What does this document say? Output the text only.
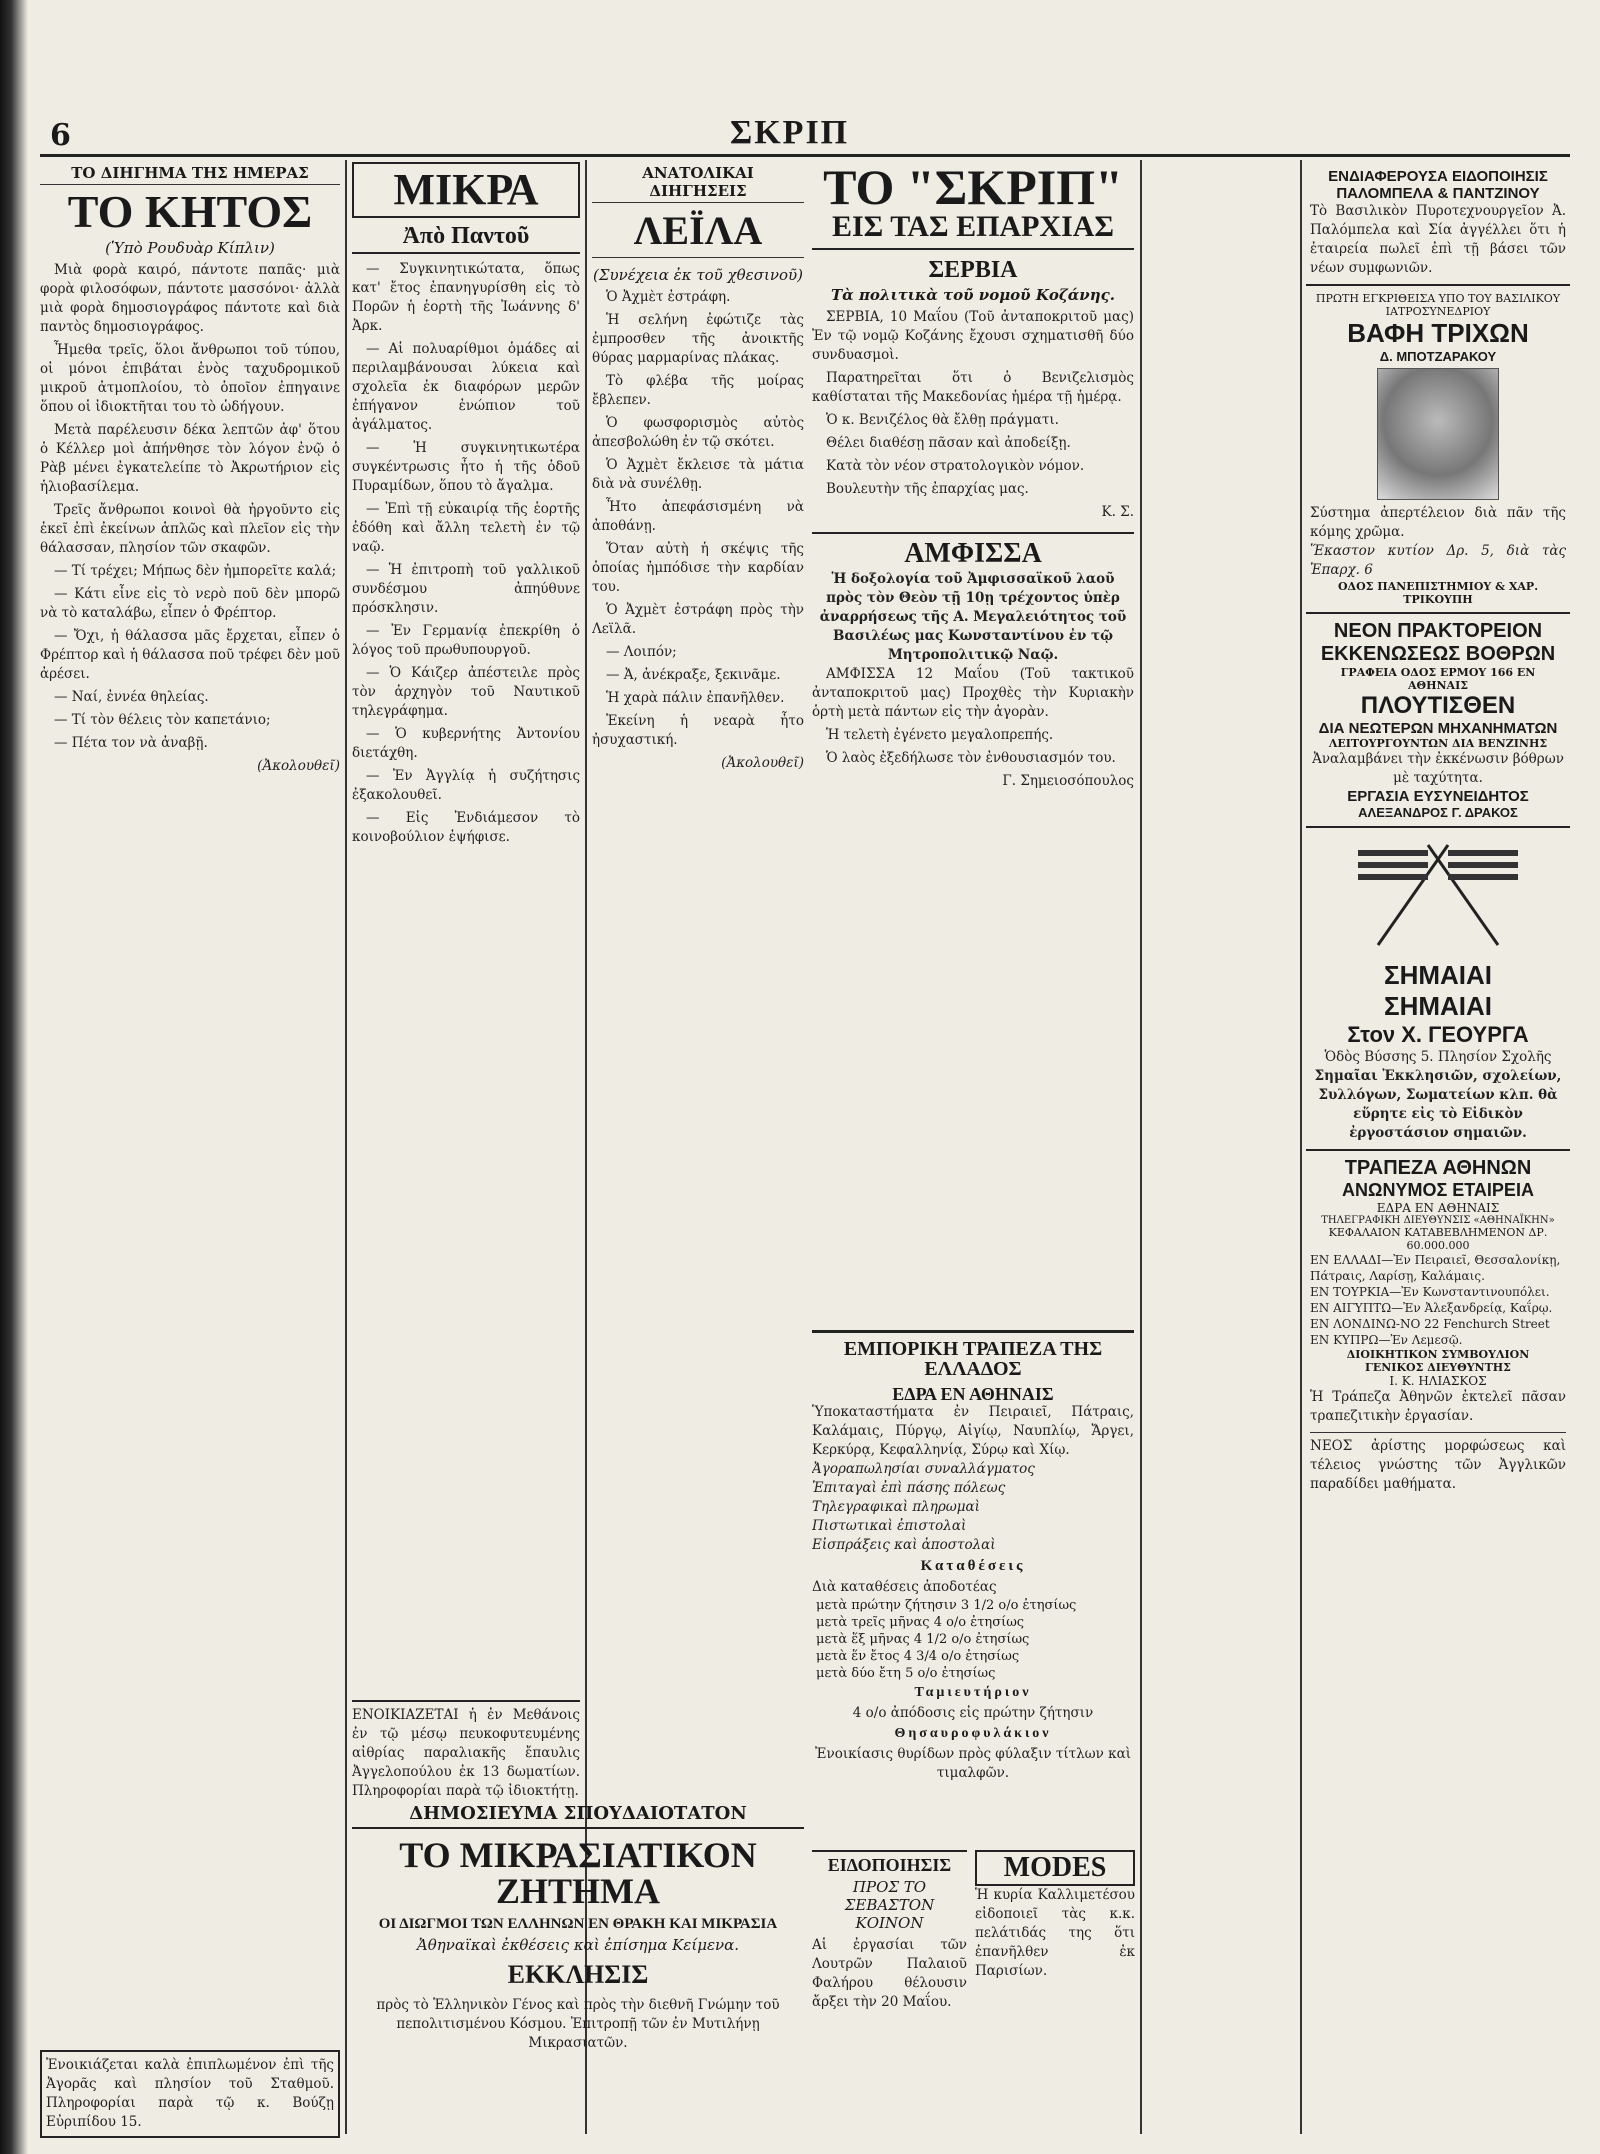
6	ΣΚΡΙΠ
ΤΟ ΔΙΗΓΗΜΑ ΤΗΣ ΗΜΕΡΑΣ
ΤΟ ΚΗΤΟΣ
(Ὑπὸ Ρουδυὰρ Κίπλιν)

Μιὰ φορὰ καιρό, πάντοτε παπᾶς· μιὰ φορὰ φιλοσόφων, πάντοτε μασσόνοι· ἀλλὰ μιὰ φορὰ δημοσιογράφος πάντοτε καὶ διὰ παντὸς δημοσιογράφος.

Ἦμεθα τρεῖς, ὅλοι ἄνθρωποι τοῦ τύπου, οἱ μόνοι ἐπιβάται ἑνὸς ταχυδρομικοῦ μικροῦ ἀτμοπλοίου, τὸ ὁποῖον ἐπηγαινε ὅπου οἱ ἰδιοκτῆται του τὸ ὡδήγουν.

Μετὰ παρέλευσιν δέκα λεπτῶν ἀφ' ὅτου ὁ Κέλλερ μοὶ ἀπήνθησε τὸν λόγον ἐνῷ ὁ Ρὰβ μένει ἐγκατελείπε τὸ Ἀκρωτήριον εἰς ἡλιοβασίλεμα.

Τρεῖς ἄνθρωποι κοινοὶ θὰ ἠργοῦντο εἰς ἐκεῖ ἐπὶ ἐκείνων ἁπλῶς καὶ πλεῖον εἰς τὴν θάλασσαν, πλησίον τῶν σκαφῶν.

— Τί τρέχει; Μήπως δὲν ἠμπορεῖτε καλά;

— Κάτι εἶνε εἰς τὸ νερὸ ποῦ δὲν μπορῶ νὰ τὸ καταλάβω, εἶπεν ὁ Φρέπτορ.

— Ὄχι, ἡ θάλασσα μᾶς ἔρχεται, εἶπεν ὁ Φρέπτορ καὶ ἡ θάλασσα ποῦ τρέφει δὲν μοῦ ἀρέσει.

— Ναί, ἐννέα θηλείας.

— Τί τὸν θέλεις τὸν καπετάνιο;

— Πέτα τον νὰ ἀναβῇ.

(Ἀκολουθεῖ)

Ἐνοικιάζεται καλὰ ἐπιπλωμένον ἐπὶ τῆς Ἀγορᾶς καὶ πλησίον τοῦ Σταθμοῦ. Πληροφορίαι παρὰ τῷ κ. Βούζῃ Εὐριπίδου 15.
ΜΙΚΡΑ
Ἀπὸ Παντοῦ

— Συγκινητικώτατα, ὅπως κατ' ἔτος ἐπανηγυρίσθη εἰς τὸ Πορῶν ἡ ἑορτὴ τῆς Ἰωάννης δ' Ἀρκ.

— Αἱ πολυαρίθμοι ὁμάδες αἱ περιλαμβάνουσαι λύκεια καὶ σχολεῖα ἐκ διαφόρων μερῶν ἐπήγανον ἐνώπιον τοῦ ἀγάλματος.

— Ἡ συγκινητικωτέρα συγκέντρωσις ἦτο ἡ τῆς ὁδοῦ Πυραμίδων, ὅπου τὸ ἄγαλμα.

— Ἐπὶ τῇ εὐκαιρίᾳ τῆς ἑορτῆς ἐδόθη καὶ ἄλλη τελετὴ ἐν τῷ ναῷ.

— Ἡ ἐπιτροπὴ τοῦ γαλλικοῦ συνδέσμου ἀπηύθυνε πρόσκλησιν.

— Ἐν Γερμανίᾳ ἐπεκρίθη ὁ λόγος τοῦ πρωθυπουργοῦ.

— Ὁ Κάιζερ ἀπέστειλε πρὸς τὸν ἀρχηγὸν τοῦ Ναυτικοῦ τηλεγράφημα.

— Ὁ κυβερνήτης Ἀντονίου διετάχθη.

— Ἐν Ἀγγλίᾳ ἡ συζήτησις ἐξακολουθεῖ.

— Εἰς Ἐνδιάμεσον τὸ κοινοβούλιον ἐψήφισε.

ΕΝΟΙΚΙΑΖΕΤΑΙ ἡ ἐν Μεθάνοις ἐν τῷ μέσῳ πευκοφυτευμένης αἰθρίας παραλιακῆς ἔπαυλις Ἀγγελοπούλου ἐκ 13 δωματίων. Πληροφορίαι παρὰ τῷ ἰδιοκτήτῃ.
ΑΝΑΤΟΛΙΚΑΙ ΔΙΗΓΗΣΕΙΣ
ΛΕΪΛΑ
(Συνέχεια ἐκ τοῦ χθεσινοῦ)

Ὁ Ἀχμὲτ ἐστράφη.

Ἡ σελήνη ἐφώτιζε τὰς ἐμπροσθεν τῆς ἀνοικτῆς θύρας μαρμαρίνας πλάκας.

Τὸ φλέβα τῆς μοίρας ἔβλεπεν.

Ὁ φωσφορισμὸς αὐτὸς ἀπεσβολώθη ἐν τῷ σκότει.

Ὁ Ἀχμὲτ ἔκλεισε τὰ μάτια διὰ νὰ συνέλθῃ.

Ἦτο ἀπεφάσισμένη νὰ ἀποθάνῃ.

Ὅταν αὐτὴ ἡ σκέψις τῆς ὁποίας ἠμπόδισε τὴν καρδίαν του.

Ὁ Ἀχμὲτ ἐστράφη πρὸς τὴν Λεϊλᾶ.

— Λοιπόν;

— Ἀ, ἀνέκραξε, ξεκινᾶμε.

Ἡ χαρὰ πάλιν ἐπανῆλθεν.

Ἐκείνη ἡ νεαρὰ ἦτο ἠσυχαστική.

(Ἀκολουθεῖ)

ΔΗΜΟΣΙΕΥΜΑ ΣΠΟΥΔΑΙΟΤΑΤΟΝ
ΤΟ ΜΙΚΡΑΣΙΑΤΙΚΟΝ ΖΗΤΗΜΑ
ΟΙ ΔΙΩΓΜΟΙ ΤΩΝ ΕΛΛΗΝΩΝ ΕΝ ΘΡΑΚΗ ΚΑΙ ΜΙΚΡΑΣΙΑ
Ἀθηναϊκαὶ ἐκθέσεις καὶ ἐπίσημα Κείμενα.
ΕΚΚΛΗΣΙΣ
πρὸς τὸ Ἑλληνικὸν Γένος καὶ πρὸς τὴν διεθνῆ Γνώμην τοῦ πεπολιτισμένου Κόσμου. Ἐπιτροπῇ τῶν ἐν Μυτιλήνῃ Μικρασιατῶν.
ΤΟ "ΣΚΡΙΠ"
ΕΙΣ ΤΑΣ ΕΠΑΡΧΙΑΣ
ΣΕΡΒΙΑ
Τὰ πολιτικὰ τοῦ νομοῦ Κοζάνης.

ΣΕΡΒΙΑ, 10 Μαΐου (Τοῦ ἀνταποκριτοῦ μας) Ἐν τῷ νομῷ Κοζάνης ἔχουσι σχηματισθῆ δύο συνδυασμοὶ.

Παρατηρεῖται ὅτι ὁ Βενιζελισμὸς καθίσταται τῆς Μακεδονίας ἡμέρα τῇ ἡμέρᾳ.

Ὁ κ. Βενιζέλος θὰ ἔλθῃ πράγματι.

Θέλει διαθέσῃ πᾶσαν καὶ ἀποδείξῃ.

Κατὰ τὸν νέον στρατολογικὸν νόμον.

Βουλευτὴν τῆς ἐπαρχίας μας.

Κ. Σ.

ΑΜΦΙΣΣΑ
Ἡ δοξολογία τοῦ Ἀμφισσαϊκοῦ λαοῦ πρὸς τὸν Θεὸν τῇ 10ῃ τρέχοντος ὑπὲρ ἀναρρήσεως τῆς Α. Μεγαλειότητος τοῦ Βασιλέως μας Κωνσταντίνου ἐν τῷ Μητροπολιτικῷ Ναῷ.

ΑΜΦΙΣΣΑ 12 Μαΐου (Τοῦ τακτικοῦ ἀνταποκριτοῦ μας) Προχθὲς τὴν Κυριακὴν ὁρτὴ μετὰ πάντων εἰς τὴν ἀγορὰν.

Ἡ τελετὴ ἐγένετο μεγαλοπρεπής.

Ὁ λαὸς ἐξεδήλωσε τὸν ἐνθουσιασμόν του.

Γ. Σημειοσόπουλος

ΕΜΠΟΡΙΚΗ ΤΡΑΠΕΖΑ ΤΗΣ ΕΛΛΑΔΟΣ
ΕΔΡΑ ΕΝ ΑΘΗΝΑΙΣ
Ὑποκαταστήματα ἐν Πειραιεῖ, Πάτραις, Καλάμαις, Πύργῳ, Αἰγίῳ, Ναυπλίῳ, Ἄργει, Κερκύρᾳ, Κεφαλληνίᾳ, Σύρῳ καὶ Χίῳ.
Ἀγοραπωλησίαι συναλλάγματος
Ἐπιταγαὶ ἐπὶ πάσης πόλεως
Τηλεγραφικαὶ πληρωμαὶ
Πιστωτικαὶ ἐπιστολαὶ
Εἰσπράξεις καὶ ἀποστολαὶ
Καταθέσεις
Διὰ καταθέσεις ἀποδοτέας
μετὰ πρώτην ζήτησιν 3 1/2 ο/ο ἐτησίως
μετὰ τρεῖς μῆνας 4 ο/ο ἐτησίως
μετὰ ἕξ μῆνας 4 1/2 ο/ο ἐτησίως
μετὰ ἕν ἔτος 4 3/4 ο/ο ἐτησίως
μετὰ δύο ἔτη 5 ο/ο ἐτησίως
Ταμιευτήριον
4 ο/ο ἀπόδοσις εἰς πρώτην ζήτησιν
Θησαυροφυλάκιον
Ἐνοικίασις θυρίδων πρὸς φύλαξιν τίτλων καὶ τιμαλφῶν.
ΕΙΔΟΠΟΙΗΣΙΣ
ΠΡΟΣ ΤΟ ΣΕΒΑΣΤΟΝ ΚΟΙΝΟΝ
Αἱ ἐργασίαι τῶν Λουτρῶν Παλαιοῦ Φαλήρου θέλουσιν ἄρξει τὴν 20 Μαΐου.
MODES
Ἡ κυρία Καλλιμετέσου εἰδοποιεῖ τὰς κ.κ. πελάτιδάς της ὅτι ἐπανῆλθεν ἐκ Παρισίων.
ΕΝΔΙΑΦΕΡΟΥΣΑ ΕΙΔΟΠΟΙΗΣΙΣ
ΠΑΛΟΜΠΕΛΑ & ΠΑΝΤΖΙΝΟΥ
Τὸ Βασιλικὸν Πυροτεχνουργεῖον Ἀ. Παλόμπελα καὶ Σία ἀγγέλλει ὅτι ἡ ἐταιρεία πωλεῖ ἐπὶ τῇ βάσει τῶν νέων συμφωνιῶν.
ΠΡΩΤΗ ΕΓΚΡΙΘΕΙΣΑ ΥΠΟ ΤΟΥ ΒΑΣΙΛΙΚΟΥ ΙΑΤΡΟΣΥΝΕΔΡΙΟΥ
ΒΑΦΗ ΤΡΙΧΩΝ
Δ. ΜΠΟΤΖΑΡΑΚΟΥ
Σύστημα ἀπερτέλειον διὰ πᾶν τῆς κόμης χρῶμα.
Ἕκαστον κυτίον Δρ. 5, διὰ τὰς Ἐπαρχ. 6
ΟΔΟΣ ΠΑΝΕΠΙΣΤΗΜΙΟΥ & ΧΑΡ. ΤΡΙΚΟΥΠΗ
ΝΕΟΝ ΠΡΑΚΤΟΡΕΙΟΝ
ΕΚΚΕΝΩΣΕΩΣ ΒΟΘΡΩΝ
ΓΡΑΦΕΙΑ ΟΔΟΣ ΕΡΜΟΥ 166 ΕΝ ΑΘΗΝΑΙΣ
ΠΛΟΥΤΙΣΘΕΝ
ΔΙΑ ΝΕΩΤΕΡΩΝ ΜΗΧΑΝΗΜΑΤΩΝ
ΛΕΙΤΟΥΡΓΟΥΝΤΩΝ ΔΙΑ ΒΕΝΖΙΝΗΣ
Ἀναλαμβάνει τὴν ἐκκένωσιν βόθρων μὲ ταχύτητα.
ΕΡΓΑΣΙΑ ΕΥΣΥΝΕΙΔΗΤΟΣ
ΑΛΕΞΑΝΔΡΟΣ Γ. ΔΡΑΚΟΣ
ΣΗΜΑΙΑΙ
ΣΗΜΑΙΑΙ
Στον Χ. ΓΕΟΥΡΓΑ
Ὁδὸς Βύσσης 5. Πλησίον Σχολῆς
Σημαῖαι Ἐκκλησιῶν, σχολείων, Συλλόγων, Σωματείων κλπ. θὰ εὕρητε εἰς τὸ Εἰδικὸν ἐργοστάσιον σημαιῶν.
ΤΡΑΠΕΖΑ ΑΘΗΝΩΝ
ΑΝΩΝΥΜΟΣ ΕΤΑΙΡΕΙΑ
ΕΔΡΑ ΕΝ ΑΘΗΝΑΙΣ
ΤΗΛΕΓΡΑΦΙΚΗ ΔΙΕΥΘΥΝΣΙΣ «ΑΘΗΝΑΪΚΗΝ»
ΚΕΦΑΛΑΙΟΝ ΚΑΤΑΒΕΒΛΗΜΕΝΟΝ ΔΡ. 60.000.000
ΕΝ ΕΛΛΑΔΙ—Ἐν Πειραιεῖ, Θεσσαλονίκῃ, Πάτραις, Λαρίσῃ, Καλάμαις.
ΕΝ ΤΟΥΡΚΙΑ—Ἐν Κωνσταντινουπόλει.
ΕΝ ΑΙΓΥΠΤΩ—Ἐν Ἀλεξανδρείᾳ, Καΐρῳ.
ΕΝ ΛΟΝΔΙΝΩ-ΝΟ 22 Fenchurch Street
ΕΝ ΚΥΠΡΩ—Ἐν Λεμεσῷ.
ΔΙΟΙΚΗΤΙΚΟΝ ΣΥΜΒΟΥΛΙΟΝ
ΓΕΝΙΚΟΣ ΔΙΕΥΘΥΝΤΗΣ
Ι. Κ. ΗΛΙΑΣΚΟΣ
Ἡ Τράπεζα Ἀθηνῶν ἐκτελεῖ πᾶσαν τραπεζιτικὴν ἐργασίαν.
ΝΕΟΣ ἀρίστης μορφώσεως καὶ τέλειος γνώστης τῶν Ἀγγλικῶν παραδίδει μαθήματα.
